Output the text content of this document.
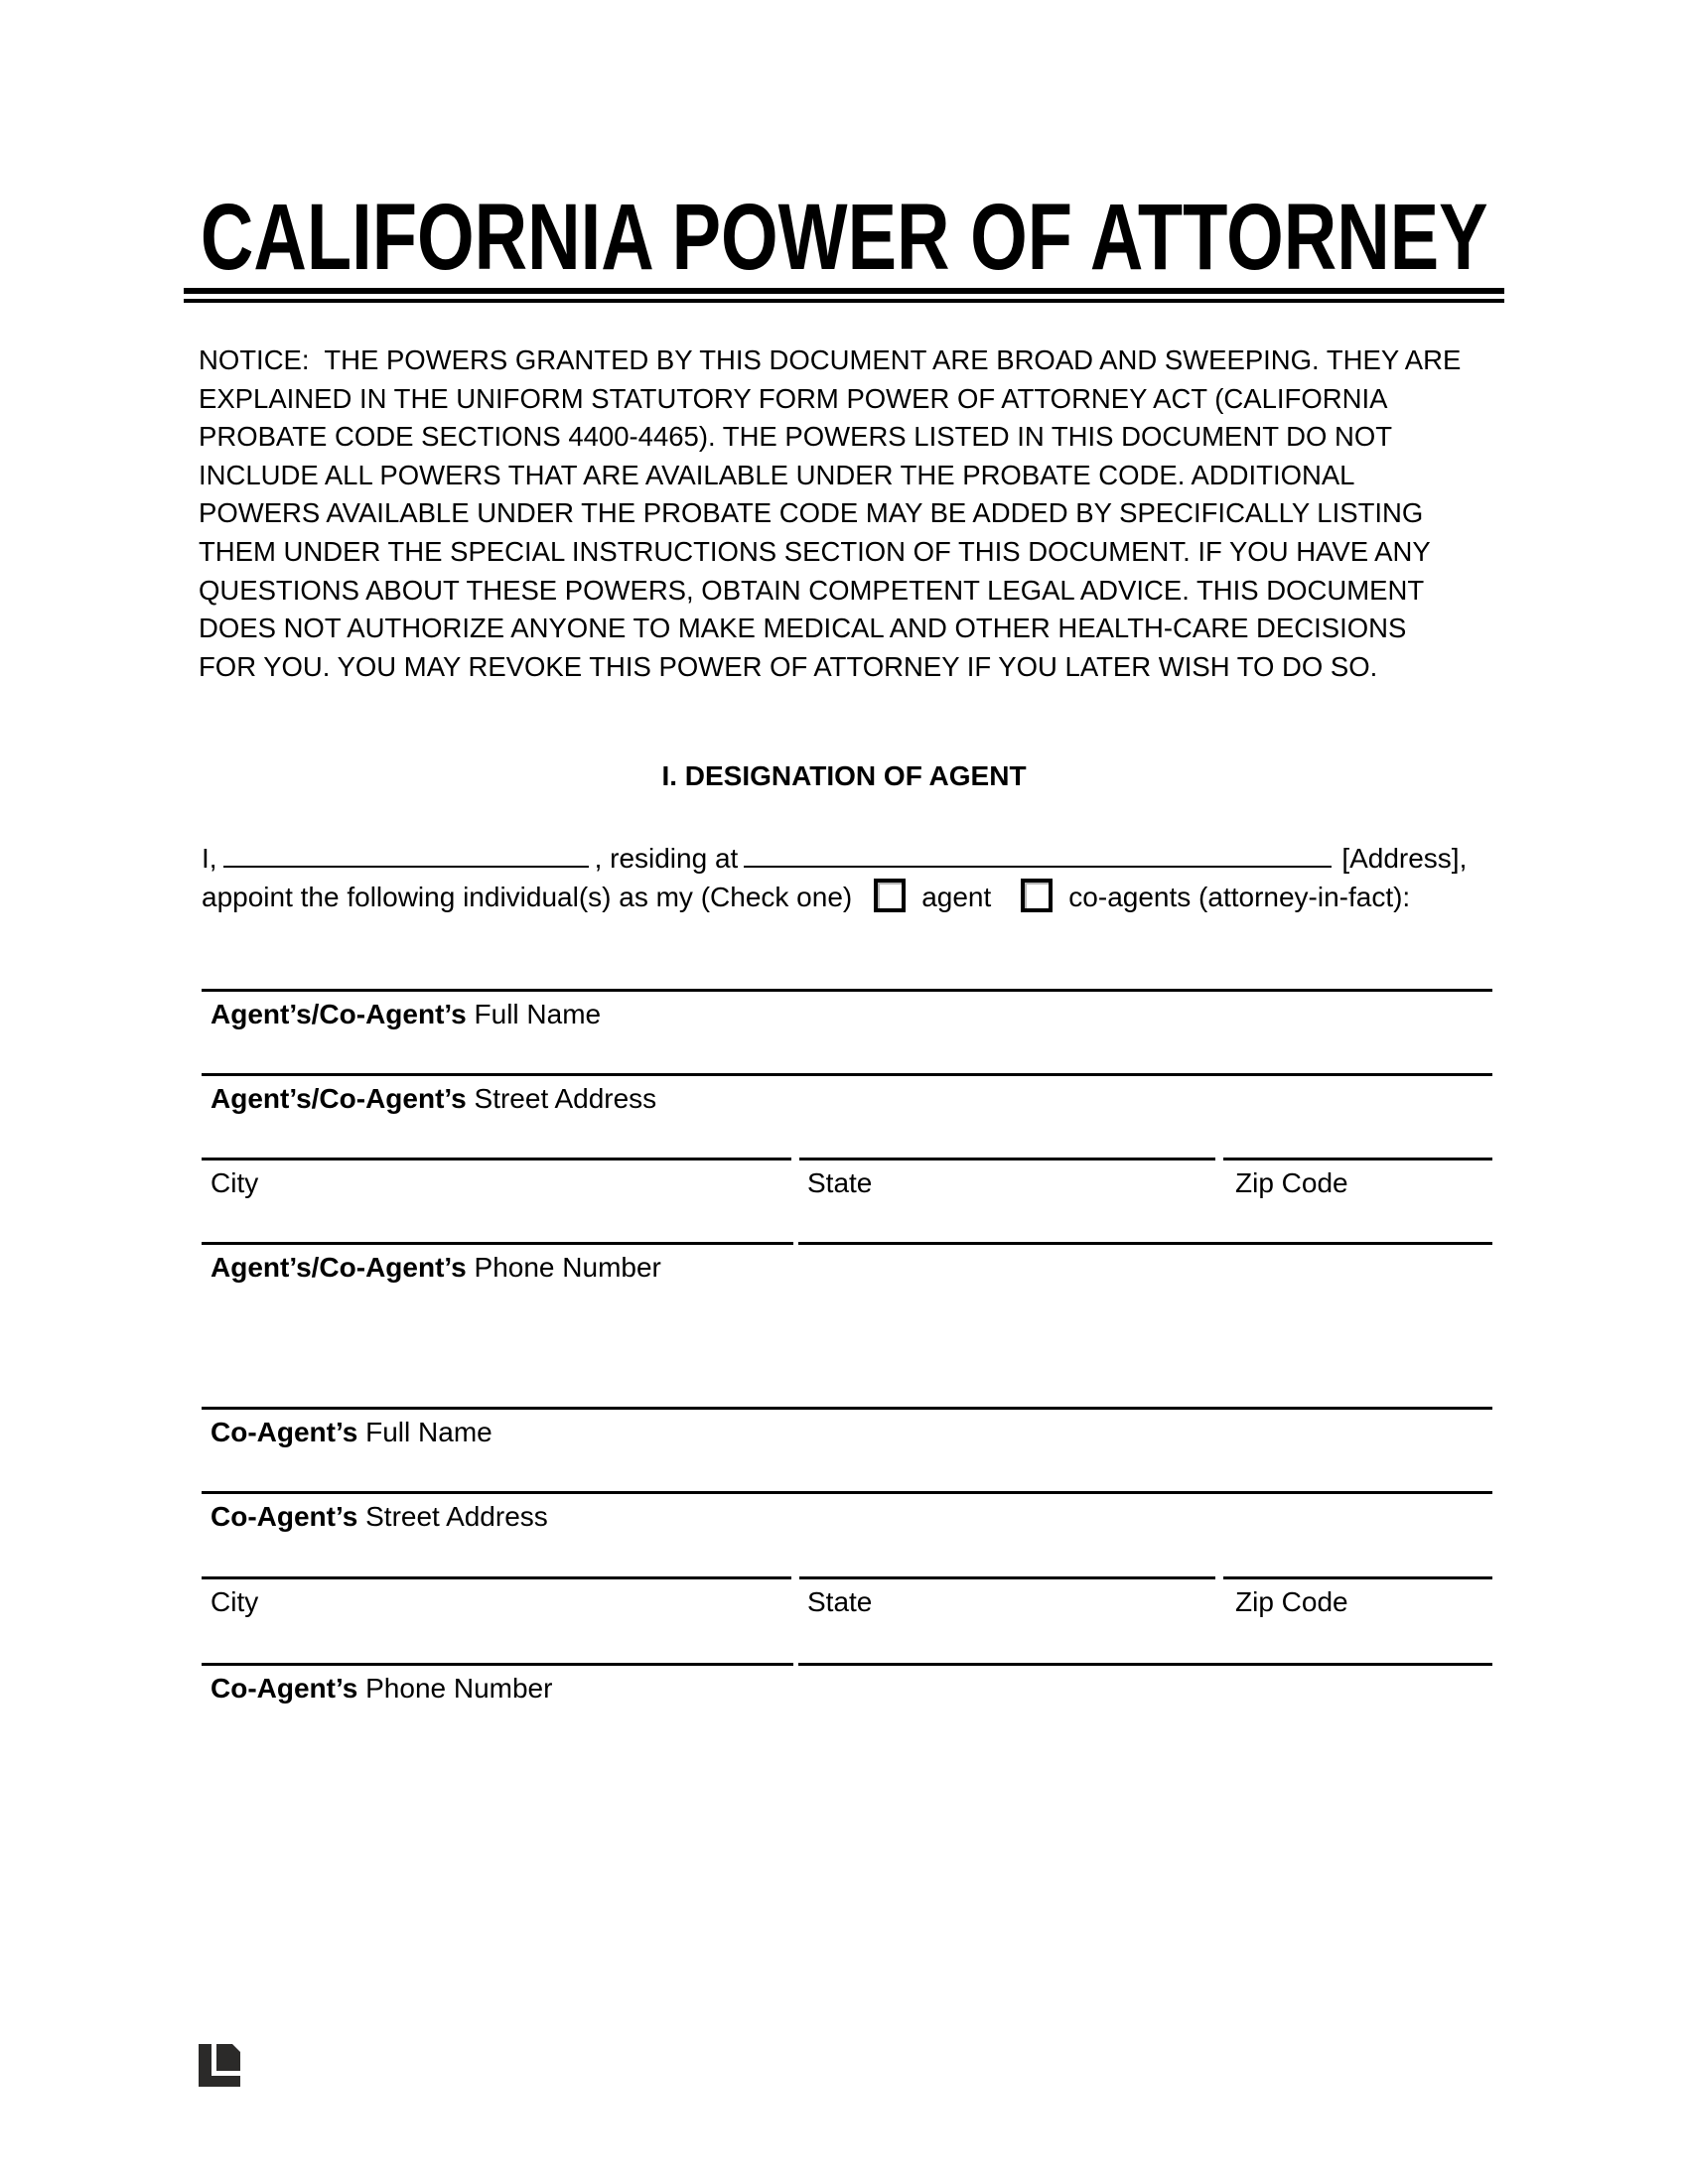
CALIFORNIA POWER OF ATTORNEY
NOTICE:  THE POWERS GRANTED BY THIS DOCUMENT ARE BROAD AND SWEEPING. THEY ARE
EXPLAINED IN THE UNIFORM STATUTORY FORM POWER OF ATTORNEY ACT (CALIFORNIA
PROBATE CODE SECTIONS 4400-4465). THE POWERS LISTED IN THIS DOCUMENT DO NOT
INCLUDE ALL POWERS THAT ARE AVAILABLE UNDER THE PROBATE CODE. ADDITIONAL
POWERS AVAILABLE UNDER THE PROBATE CODE MAY BE ADDED BY SPECIFICALLY LISTING
THEM UNDER THE SPECIAL INSTRUCTIONS SECTION OF THIS DOCUMENT. IF YOU HAVE ANY
QUESTIONS ABOUT THESE POWERS, OBTAIN COMPETENT LEGAL ADVICE. THIS DOCUMENT
DOES NOT AUTHORIZE ANYONE TO MAKE MEDICAL AND OTHER HEALTH-CARE DECISIONS
FOR YOU. YOU MAY REVOKE THIS POWER OF ATTORNEY IF YOU LATER WISH TO DO SO.
I. DESIGNATION OF AGENT
I,	, residing at	[Address],
appoint the following individual(s) as my (Check one)	agent	co-agents (attorney-in-fact):
Agent’s/Co-Agent’s Full Name
Agent’s/Co-Agent’s Street Address
City	State	Zip Code
Agent’s/Co-Agent’s Phone Number
Co-Agent’s Full Name
Co-Agent’s Street Address
City	State	Zip Code
Co-Agent’s Phone Number
